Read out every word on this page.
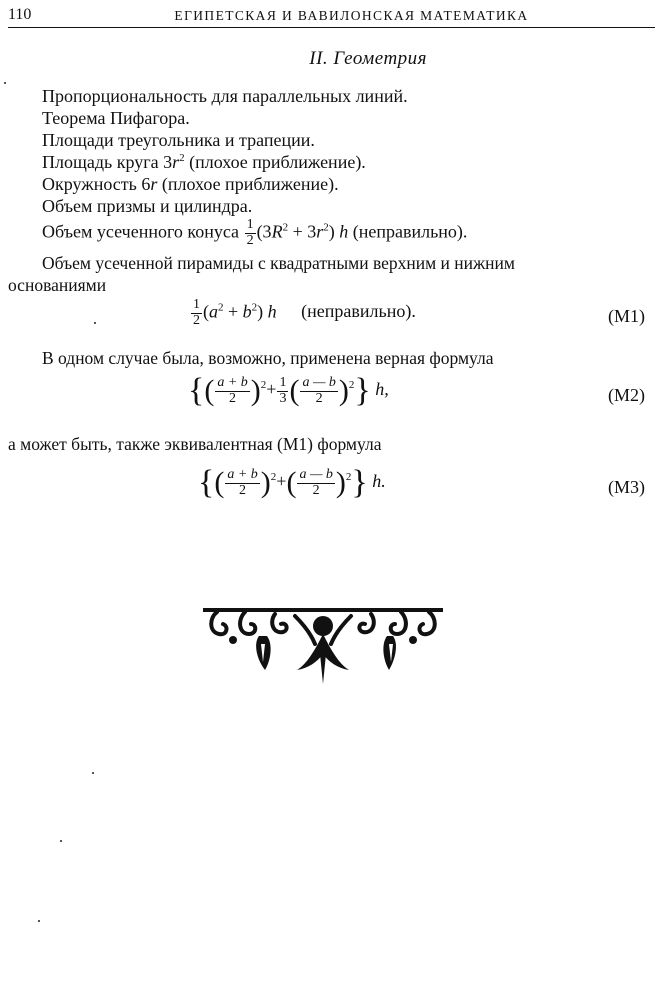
110	ЕГИПЕТСКАЯ И ВАВИЛОНСКАЯ МАТЕМАТИКА
II. Геометрия
Пропорциональность для параллельных линий.
Теорема Пифагора.
Площади треугольника и трапеции.
Площадь круга $3r^2$ (плохое приближение).
Окружность 6r (плохое приближение).
Объем призмы и цилиндра.
Объем усеченного конуса $\frac{1}{2} (3R^2 + 3r^2)$ h (неправильно).
Объем усеченной пирамиды с квадратными верхним и нижним
основаниями
$\frac{1}{2} (a^2 + b^2)$ h (неправильно).	(M1)
В одном случае была, возможно, применена верная формула
{( $\frac{a + b}{2} )^2+ \frac{1}{3}$ ( $\frac{a — b}{2} )^2$} h,	(M2)
а может быть, также эквивалентная (M1) формула
{( $\frac{a + b}{2} )^2+( \frac{a — b}{2} )^2$} h.	(M3)
